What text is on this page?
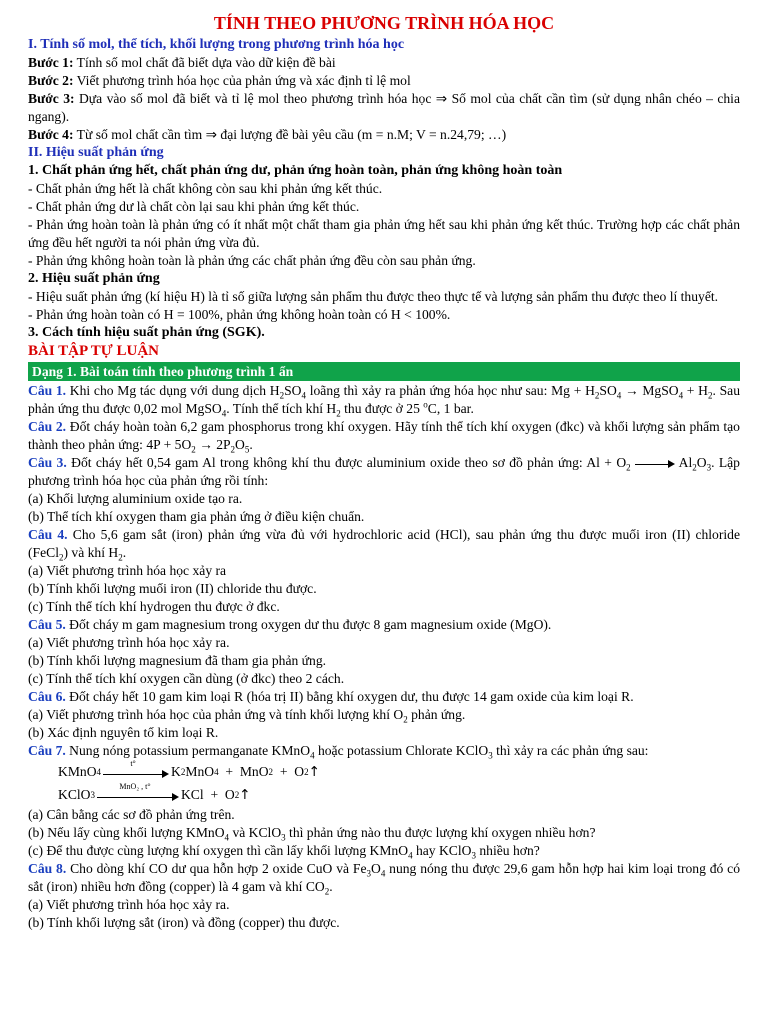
TÍNH THEO PHƯƠNG TRÌNH HÓA HỌC

I. Tính số mol, thể tích, khối lượng trong phương trình hóa học

Bước 1: Tính số mol chất đã biết dựa vào dữ kiện đề bài

Bước 2: Viết phương trình hóa học của phản ứng và xác định tỉ lệ mol

Bước 3: Dựa vào số mol đã biết và tỉ lệ mol theo phương trình hóa học ⇒ Số mol của chất cần tìm (sử dụng nhân chéo – chia ngang).

Bước 4: Từ số mol chất cần tìm ⇒ đại lượng đề bài yêu cầu (m = n.M; V = n.24,79; …)

II. Hiệu suất phản ứng

1. Chất phản ứng hết, chất phản ứng dư, phản ứng hoàn toàn, phản ứng không hoàn toàn

- Chất phản ứng hết là chất không còn sau khi phản ứng kết thúc.

- Chất phản ứng dư là chất còn lại sau khi phản ứng kết thúc.

- Phản ứng hoàn toàn là phản ứng có ít nhất một chất tham gia phản ứng hết sau khi phản ứng kết thúc. Trường hợp các chất phản ứng đều hết người ta nói phản ứng vừa đủ.

- Phản ứng không hoàn toàn là phản ứng các chất phản ứng đều còn sau phản ứng.

2. Hiệu suất phản ứng

- Hiệu suất phản ứng (kí hiệu H) là tỉ số giữa lượng sản phẩm thu được theo thực tế và lượng sản phẩm thu được theo lí thuyết.

- Phản ứng hoàn toàn có H = 100%, phản ứng không hoàn toàn có H < 100%.

3. Cách tính hiệu suất phản ứng (SGK).

BÀI TẬP TỰ LUẬN

Dạng 1. Bài toán tính theo phương trình 1 ẩn

Câu 1. Khi cho Mg tác dụng với dung dịch $H_2SO_4$ loãng thì xảy ra phản ứng hóa học như sau: $Mg + H_2SO_4$ → MgSO$_4$ + $H_2$. Sau phản ứng thu được 0,02 mol MgSO$_4$. Tính thể tích khí $H_2$ thu được ở 25 $^o$C, 1 bar.

Câu 2. Đốt cháy hoàn toàn 6,2 gam phosphorus trong khí oxygen. Hãy tính thể tích khí oxygen (đkc) và khối lượng sản phẩm tạo thành theo phản ứng: $4P + 5O_2 \to 2P_2O_5$.

Câu 3. Đốt cháy hết 0,54 gam Al trong không khí thu được aluminium oxide theo sơ đồ phản ứng: $Al + O_2$	$Al_2O_3$. Lập phương trình hóa học của phản ứng rồi tính:

(a) Khối lượng aluminium oxide tạo ra.

(b) Thể tích khí oxygen tham gia phản ứng ở điều kiện chuẩn.

Câu 4. Cho 5,6 gam sắt (iron) phản ứng vừa đủ với hydrochloric acid (HCl), sau phản ứng thu được muối iron (II) chloride (FeCl$_2$) và khí $H_2$.

(a) Viết phương trình hóa học xảy ra

(b) Tính khối lượng muối iron (II) chloride thu được.

(c) Tính thể tích khí hydrogen thu được ở đkc.

Câu 5. Đốt cháy m gam magnesium trong oxygen dư thu được 8 gam magnesium oxide (MgO).

(a) Viết phương trình hóa học xảy ra.

(b) Tính khối lượng magnesium đã tham gia phản ứng.

(c) Tính thể tích khí oxygen cần dùng (ở đkc) theo 2 cách.

Câu 6. Đốt cháy hết 10 gam kim loại R (hóa trị II) bằng khí oxygen dư, thu được 14 gam oxide của kim loại R.

(a) Viết phương trình hóa học của phản ứng và tính khối lượng khí $O_2$ phản ứng.

(b) Xác định nguyên tố kim loại R.

Câu 7. Nung nóng potassium permanganate KMnO$_4$ hoặc potassium Chlorate KClO$_3$ thì xảy ra các phản ứng sau:

KMnO 4
t°
K 2 MnO 4 + MnO 2 + O 2 ↑
KClO 3
MnO₂ , t°
KCl + O 2 ↑

(a) Cân bằng các sơ đồ phản ứng trên.

(b) Nếu lấy cùng khối lượng KMnO$_4$ và KClO$_3$ thì phản ứng nào thu được lượng khí oxygen nhiều hơn?

(c) Để thu được cùng lượng khí oxygen thì cần lấy khối lượng KMnO$_4$ hay KClO$_3$ nhiều hơn?

Câu 8. Cho dòng khí CO dư qua hỗn hợp 2 oxide CuO và $Fe_3O_4$ nung nóng thu được 29,6 gam hỗn hợp hai kim loại trong đó có sắt (iron) nhiều hơn đồng (copper) là 4 gam và khí $CO_2$.

(a) Viết phương trình hóa học xảy ra.

(b) Tính khối lượng sắt (iron) và đồng (copper) thu được.
